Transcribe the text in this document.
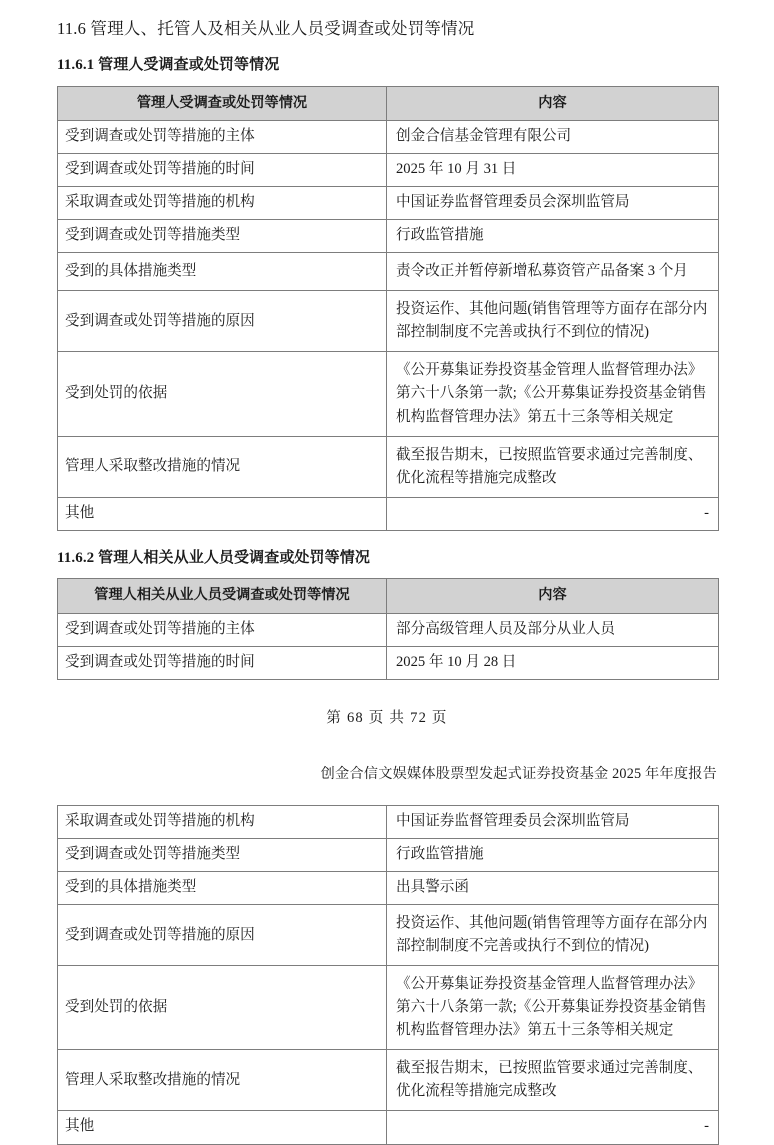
11.6 管理人、托管人及相关从业人员受调查或处罚等情况
11.6.1 管理人受调查或处罚等情况
管理人受调查或处罚等情况	内容
受到调查或处罚等措施的主体	创金合信基金管理有限公司
受到调查或处罚等措施的时间	2025 年 10 月 31 日
采取调查或处罚等措施的机构	中国证券监督管理委员会深圳监管局
受到调查或处罚等措施类型	行政监管措施
受到的具体措施类型	责令改正并暂停新增私募资管产品备案 3 个月
受到调查或处罚等措施的原因	投资运作、其他问题(销售管理等方面存在部分内部控制制度不完善或执行不到位的情况)
受到处罚的依据	《公开募集证券投资基金管理人监督管理办法》第六十八条第一款;《公开募集证券投资基金销售机构监督管理办法》第五十三条等相关规定
管理人采取整改措施的情况	截至报告期末，已按照监管要求通过完善制度、优化流程等措施完成整改
其他	-
11.6.2 管理人相关从业人员受调查或处罚等情况
管理人相关从业人员受调查或处罚等情况	内容
受到调查或处罚等措施的主体	部分高级管理人员及部分从业人员
受到调查或处罚等措施的时间	2025 年 10 月 28 日
第 68 页 共 72 页
创金合信文娱媒体股票型发起式证券投资基金 2025 年年度报告
采取调查或处罚等措施的机构	中国证券监督管理委员会深圳监管局
受到调查或处罚等措施类型	行政监管措施
受到的具体措施类型	出具警示函
受到调查或处罚等措施的原因	投资运作、其他问题(销售管理等方面存在部分内部控制制度不完善或执行不到位的情况)
受到处罚的依据	《公开募集证券投资基金管理人监督管理办法》第六十八条第一款;《公开募集证券投资基金销售机构监督管理办法》第五十三条等相关规定
管理人采取整改措施的情况	截至报告期末，已按照监管要求通过完善制度、优化流程等措施完成整改
其他	-
